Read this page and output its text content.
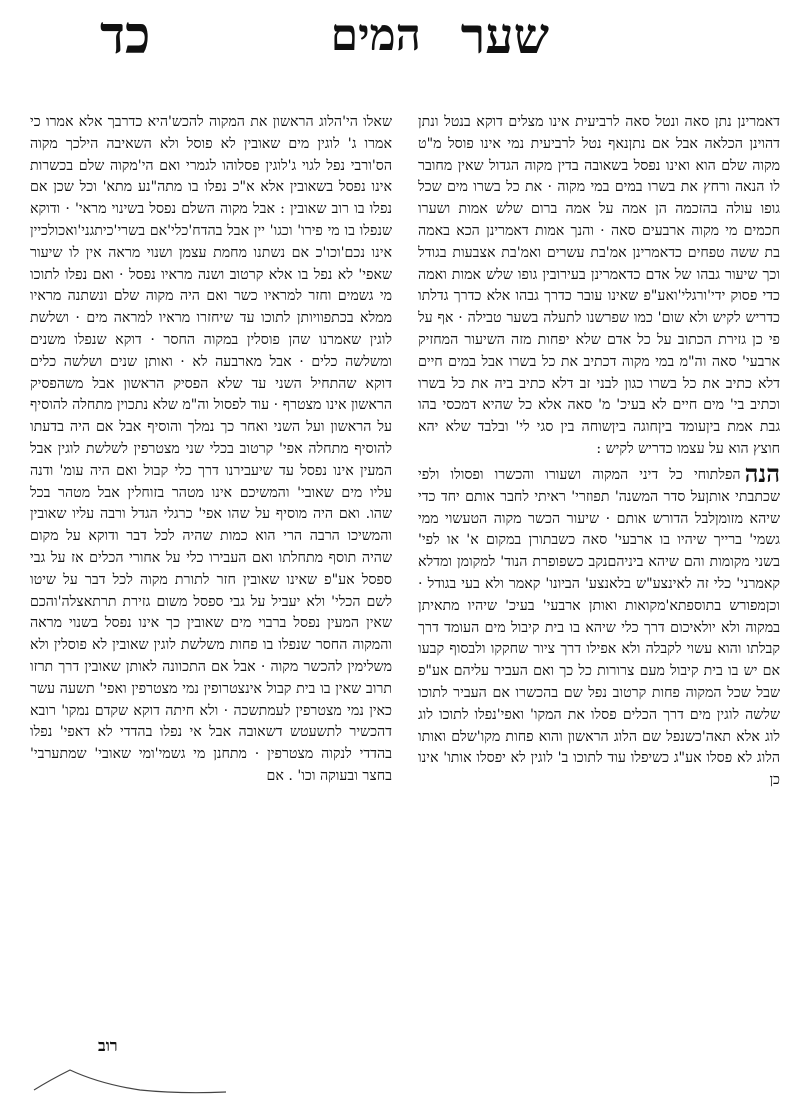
שער
המים
כד

דאמרינן נתן סאה ונטל סאה לרביעית אינו מצלים דוקא בנטל ונתן דהוינן הכלאה אבל אם נתןנאף נטל לרביעית נמי אינו פוסל מ"ט מקוה שלם הוא ואינו נפסל בשאובה בדין מקוה הגדול שאין מחובר לו הנאה ורחץ את בשרו במים במי מקוה · את כל בשרו מים שכל גופו עולה בהזכמה הן אמה על אמה ברום שלש אמות ושערו חכמים מי מקוה ארבעים סאה · והנך אמות דאמרינן הכא באמה בת ששה טפחים כדאמרינן אמ'בת עשרים ואמ'בת אצבעות בגודל וכך שיעור גבהו של אדם כדאמרינן בעירובין גופו שלש אמות ואמה כדי פסוק ידי'ורגלי'ואע"פ שאינו עובר כדרך גבהו אלא כדרך גדלתו כדריש לקיש ולא שום' כמו שפרשנו לתעלה בשער טבילה · אף על פי כן גזירת הכתוב על כל אדם שלא יפחות מזה השיעור המחזיק ארבעי' סאה וה"מ במי מקוה דכתיב את כל בשרו אבל במים חיים דלא כתיב את כל בשרו כגון לבני זב דלא כתיב ביה את כל בשרו וכתיב בי' מים חיים לא בעיכ' מ' סאה אלא כל שהיא דמכסי בהו גבת אמת ביןעומד ביןחוגה ביןשוחה בין סגי לי' ובלבד שלא יהא חוצץ הוא על עצמו כדריש לקיש :

הנההפלתוחי כל דיני המקוה ושעורו והכשרו ופסולו ולפי שכתבתי אותןעל סדר המשנה' תפוזרי' ראיתי לחבר אותם יחד כדי שיהא מזומןלבל הדורש אותם · שיעור הכשר מקוה הטעשוי ממי גשמי' ברייך שיהיו בו ארבעי' סאה כשבתורן במקום א' או לפי' בשני מקומות והם שיהא ביניהםנקב כשפופרת הנוד' למקומן ומדלא קאמרני' כלי זה לאינצע"ש בלאנצע' הביונו' קאמר ולא בעי בגודל · וכןמפורש בתוספתא'מקואות ואותן ארבעי' בעיכ' שיהיו מתאיתן במקוה ולא יולאיכום דרך כלי שיהא בו בית קיבול מים העומד דרך קבלתו והוא עשוי לקבלה ולא אפילו דרך ציור שחקקו ולבסוף קבעו אם יש בו בית קיבול מעם צרורות כל כך ואם העביר עליהם אע"פ שבל שכל המקוה פחות קרטוב נפל שם בהכשרו אם העביר לתוכו שלשה לוגין מים דרך הכלים פסלו את המקו' ואפי'נפלו לתוכו לוג לוג אלא תאה'כשנפל שם הלוג הראשון והוא פחות מקו'שלם ואותו הלוג לא פסלו אע"ג כשיפלו עוד לתוכו ב' לוגין לא יפסלו אותו' אינו כן

שאלו הי'הלוג הראשון את המקוה להכש'היא כדרבך אלא אמרו כי אמרו ג' לוגין מים שאובין לא פוסל ולא השאיבה הילכך מקוה הס'ורבי נפל לגוי ג'לוגין פסלוהו לגמרי ואם הי'מקוה שלם בכשרות אינו נפסל בשאובין אלא א"כ נפלו בו מתה"נע מתא' וכל שכן אם נפלו בו רוב שאובין : אבל מקוה השלם נפסל בשינוי מראי' · ודוקא שנפלו בו מי פירו' וכגו' יין אבל בהדח'כלי'אם בשרי'כיתגני'ואכולכיין אינו נכם'וכו'כ אם נשתנו מחמת עצמן ושנוי מראה אין לו שיעור שאפי' לא נפל בו אלא קרטוב ושנה מראיו נפסל · ואם נפלו לתוכו מי גשמים וחזר למראיו כשר ואם היה מקוה שלם ונשתנה מראיו ממלא בכתפוויותן לתוכו עד שיחזרו מראיו למראה מים · ושלשת לוגין שאמרנו שהן פוסלין במקוה החסר · דוקא שנפלו משנים ומשלשה כלים · אבל מארבעה לא · ואותן שנים ושלשה כלים דוקא שהתחיל השני עד שלא הפסיק הראשון אבל משהפסיק הראשון אינו מצטרף · עוד לפסול וה"מ שלא נתכוין מתחלה להוסיף על הראשון ועל השני ואחר כך נמלך והוסיף אבל אם היה בדעתו להוסיף מתחלה אפי' קרטוב בכלי שני מצטרפין לשלשת לוגין אבל המעין אינו נפסל עד שיעבירנו דרך כלי קבול ואם היה עומ' ודנה עליו מים שאובי' והמשיכם אינו מטהר בזוחלין אבל מטהר בכל שהו. ואם היה מוסיף על שהו אפי' כרגלי הגדל ורבה עליו שאובין והמשיכו הרבה הרי הוא כמות שהיה לכל דבר ודוקא על מקום שהיה תוסף מתחלתו ואם העבירו כלי על אחורי הכלים אז על גבי ספסל אע"פ שאינו שאובין חזר לתורת מקוה לכל דבר על שיטו לשם הכלי' ולא יעביל על גבי ספסל משום גזירת תרתאצלה'והכם שאין המעין נפסל ברבוי מים שאובין כך אינו נפסל בשנוי מראה והמקוה החסר שנפלו בו פחות משלשת לוגין שאובין לא פוסלין ולא משלימין להכשר מקוה · אבל אם התכוונה לאותן שאובין דרך תרזו תרוב שאין בו בית קבול אינצטרופין נמי מצטרפין ואפי' תשעה עשר כאין נמי מצטרפין לעמתשכה · ולא חיתה דוקא שקדם נמקו' רובא דהכשיר לתשעטש דשאובה אבל אי נפלו בהדדי לא דאפי' נפלו בהדדי לנקוה מצטרפין · מתחנן מי גשמי'ומי שאובי' שמתערבי' בחצר ובעוקה וכו' . אם

רוב
